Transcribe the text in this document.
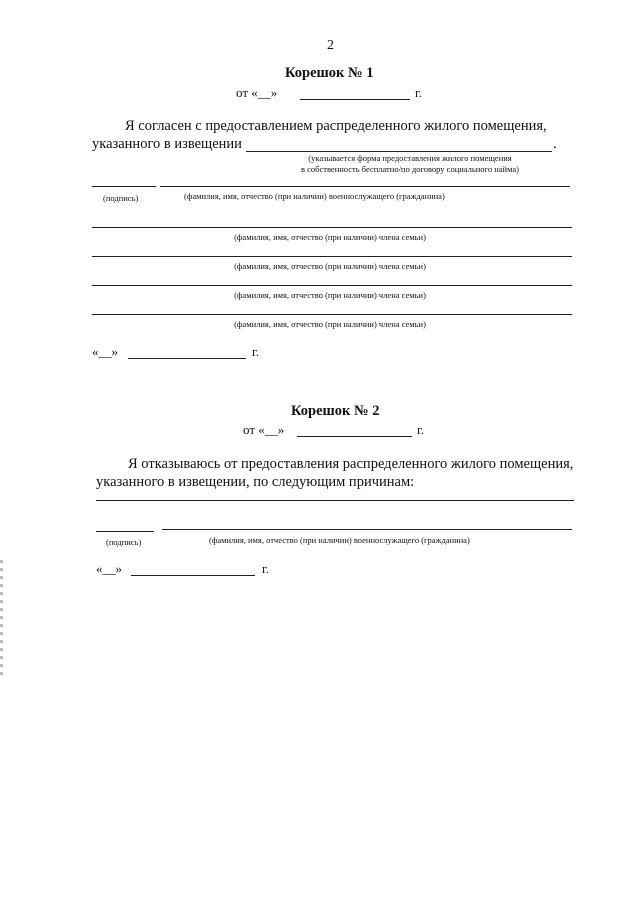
2
Корешок № 1
от «__»	г.
Я согласен с предоставлением распределенного жилого помещения,
указанного в извещении	.
(указывается форма предоставления жилого помещения
в собственность бесплатно/по договору социального найма)
(подпись)	(фамилия, имя, отчество (при наличии) военнослужащего (гражданина)
(фамилия, имя, отчество (при наличии) члена семьи)
(фамилия, имя, отчество (при наличии) члена семьи)
(фамилия, имя, отчество (при наличии) члена семьи)
(фамилия, имя, отчество (при наличии) члена семьи)
«__»	г.
Корешок № 2
от «__»	г.
Я отказываюсь от предоставления распределенного жилого помещения,
указанного в извещении, по следующим причинам:
(подпись)	(фамилия, имя, отчество (при наличии) военнослужащего (гражданина)
«__»	г.
